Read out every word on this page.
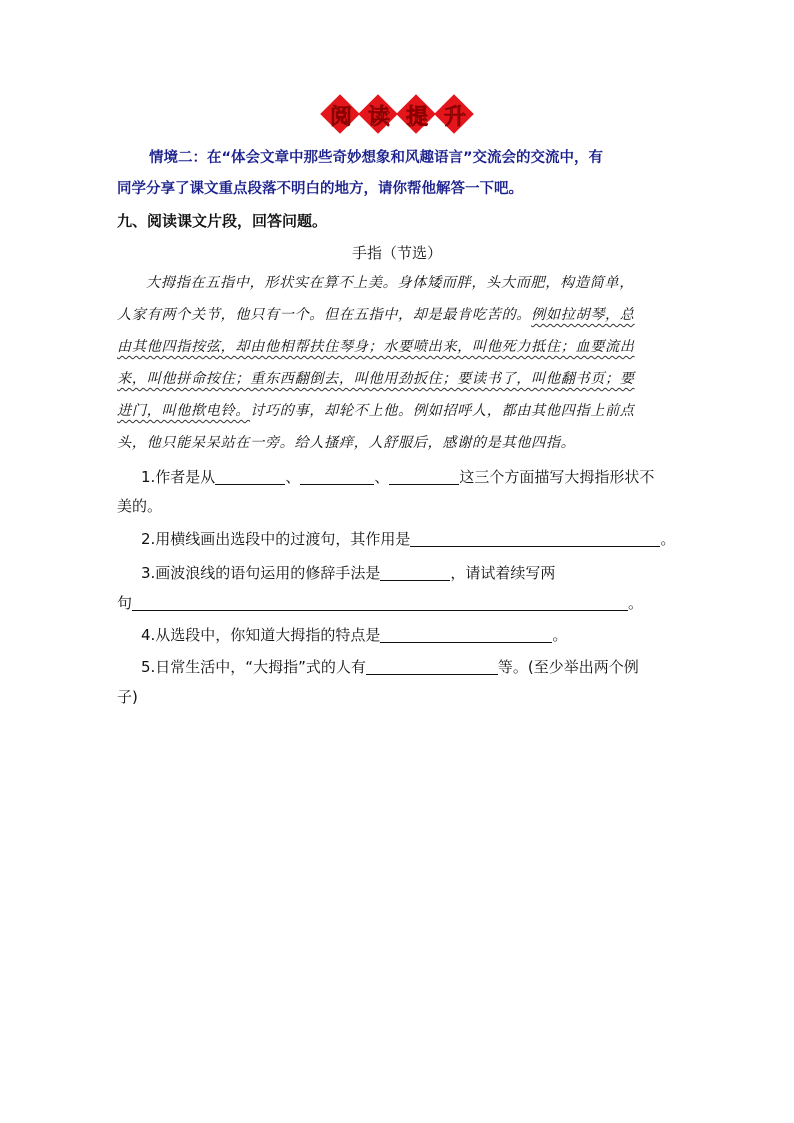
阅 读 提 升
情境二：在“体会文章中那些奇妙想象和风趣语言”交流会的交流中，有
同学分享了课文重点段落不明白的地方，请你帮他解答一下吧。
九、阅读课文片段，回答问题。
手指（节选）
大拇指在五指中，形状实在算不上美。身体矮而胖，头大而肥，构造简单，
人家有两个关节，他只有一个。但在五指中，却是最肯吃苦的。例如拉胡琴，总
由其他四指按弦，却由他相帮扶住琴身；水要喷出来，叫他死力抵住；血要流出
来，叫他拼命按住；重东西翻倒去，叫他用劲扳住；要读书了，叫他翻书页；要
进门，叫他揿电铃。讨巧的事，却轮不上他。例如招呼人，都由其他四指上前点
头，他只能呆呆站在一旁。给人搔痒，人舒服后，感谢的是其他四指。
1.作者是从	、	、	这三个方面描写大拇指形状不
美的。
2.用横线画出选段中的过渡句，其作用是	。
3.画波浪线的语句运用的修辞手法是	，请试着续写两
句	。
4.从选段中，你知道大拇指的特点是	。
5.日常生活中，“大拇指”式的人有	等。(至少举出两个例
子)
